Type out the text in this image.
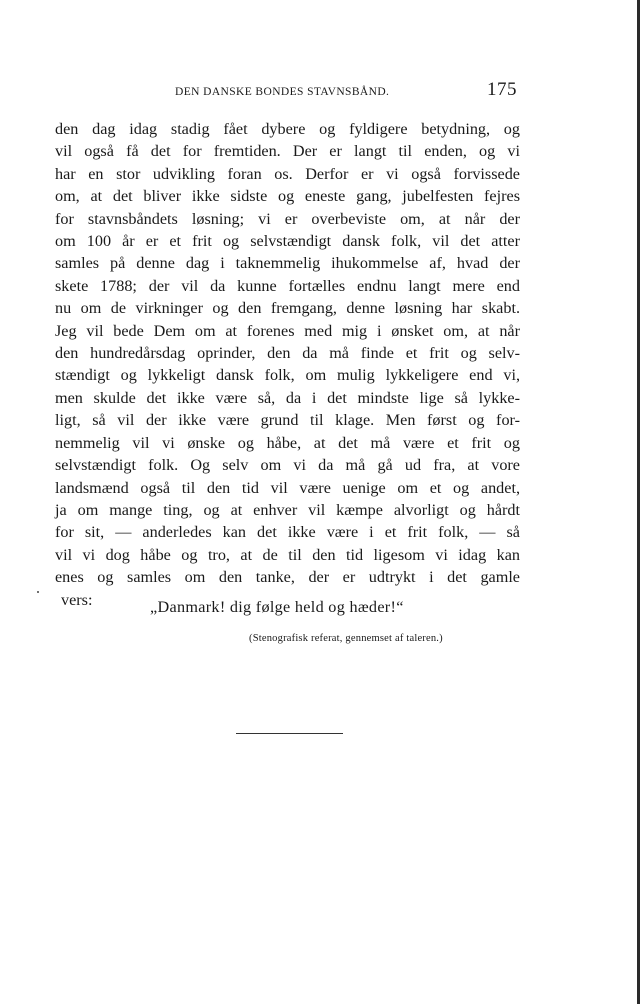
DEN DANSKE BONDES STAVNSBÅND.	175
den dag idag stadig fået dybere og fyldigere betydning, og
vil også få det for fremtiden. Der er langt til enden, og vi
har en stor udvikling foran os. Derfor er vi også forvissede
om, at det bliver ikke sidste og eneste gang, jubelfesten fejres
for stavnsbåndets løsning; vi er overbeviste om, at når der
om 100 år er et frit og selvstændigt dansk folk, vil det atter
samles på denne dag i taknemmelig ihukommelse af, hvad der
skete 1788; der vil da kunne fortælles endnu langt mere end
nu om de virkninger og den fremgang, denne løsning har skabt.
Jeg vil bede Dem om at forenes med mig i ønsket om, at når
den hundredårsdag oprinder, den da må finde et frit og selv-
stændigt og lykkeligt dansk folk, om mulig lykkeligere end vi,
men skulde det ikke være så, da i det mindste lige så lykke-
ligt, så vil der ikke være grund til klage. Men først og for-
nemmelig vil vi ønske og håbe, at det må være et frit og
selvstændigt folk. Og selv om vi da må gå ud fra, at vore
landsmænd også til den tid vil være uenige om et og andet,
ja om mange ting, og at enhver vil kæmpe alvorligt og hårdt
for sit, — anderledes kan det ikke være i et frit folk, — så
vil vi dog håbe og tro, at de til den tid ligesom vi idag kan
enes og samles om den tanke, der er udtrykt i det gamle
vers:	„Danmark! dig følge held og hæder!“
(Stenografisk referat, gennemset af taleren.)
